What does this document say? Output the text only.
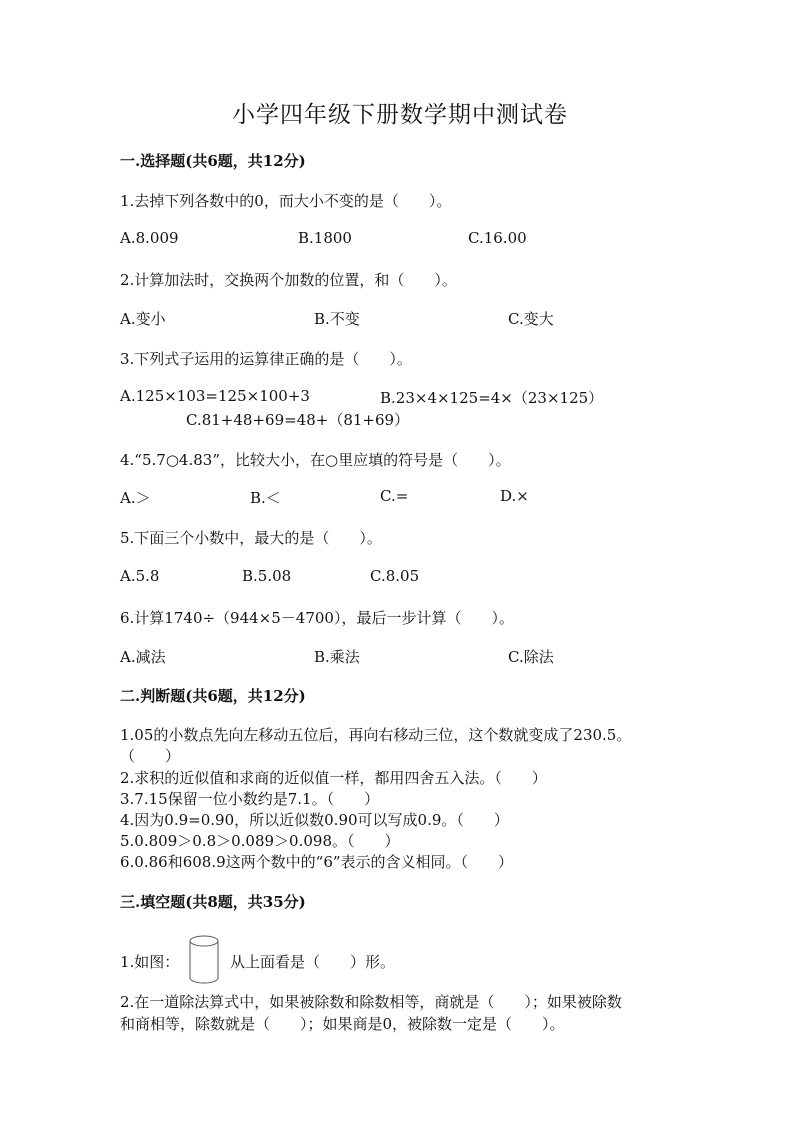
小学四年级下册数学期中测试卷
一.选择题(共6题，共12分)
1.去掉下列各数中的0，而大小不变的是（　　）。
A.8.009	B.1800	C.16.00
2.计算加法时，交换两个加数的位置，和（　　）。
A.变小	B.不变	C.变大
3.下列式子运用的运算律正确的是（　　）。
A.125×103=125×100+3	B.23×4×125=4×（23×125）
C.81+48+69=48+（81+69）
4.“5.7○4.83”，比较大小，在○里应填的符号是（　　）。
A.＞	B.＜	C.=	D.×
5.下面三个小数中，最大的是（　　）。
A.5.8	B.5.08	C.8.05
6.计算1740÷（944×5－4700），最后一步计算（　　）。
A.减法	B.乘法	C.除法
二.判断题(共6题，共12分)
1.05的小数点先向左移动五位后，再向右移动三位，这个数就变成了230.5。
（　　）
2.求积的近似值和求商的近似值一样，都用四舍五入法。（　　）
3.7.15保留一位小数约是7.1。（　　）
4.因为0.9=0.90，所以近似数0.90可以写成0.9。（　　）
5.0.809＞0.8＞0.089＞0.098。（　　）
6.0.86和608.9这两个数中的“6”表示的含义相同。（　　）
三.填空题(共8题，共35分)
1.如图：	从上面看是（　　）形。
2.在一道除法算式中，如果被除数和除数相等，商就是（　　）；如果被除数
和商相等，除数就是（　　）；如果商是0，被除数一定是（　　）。
